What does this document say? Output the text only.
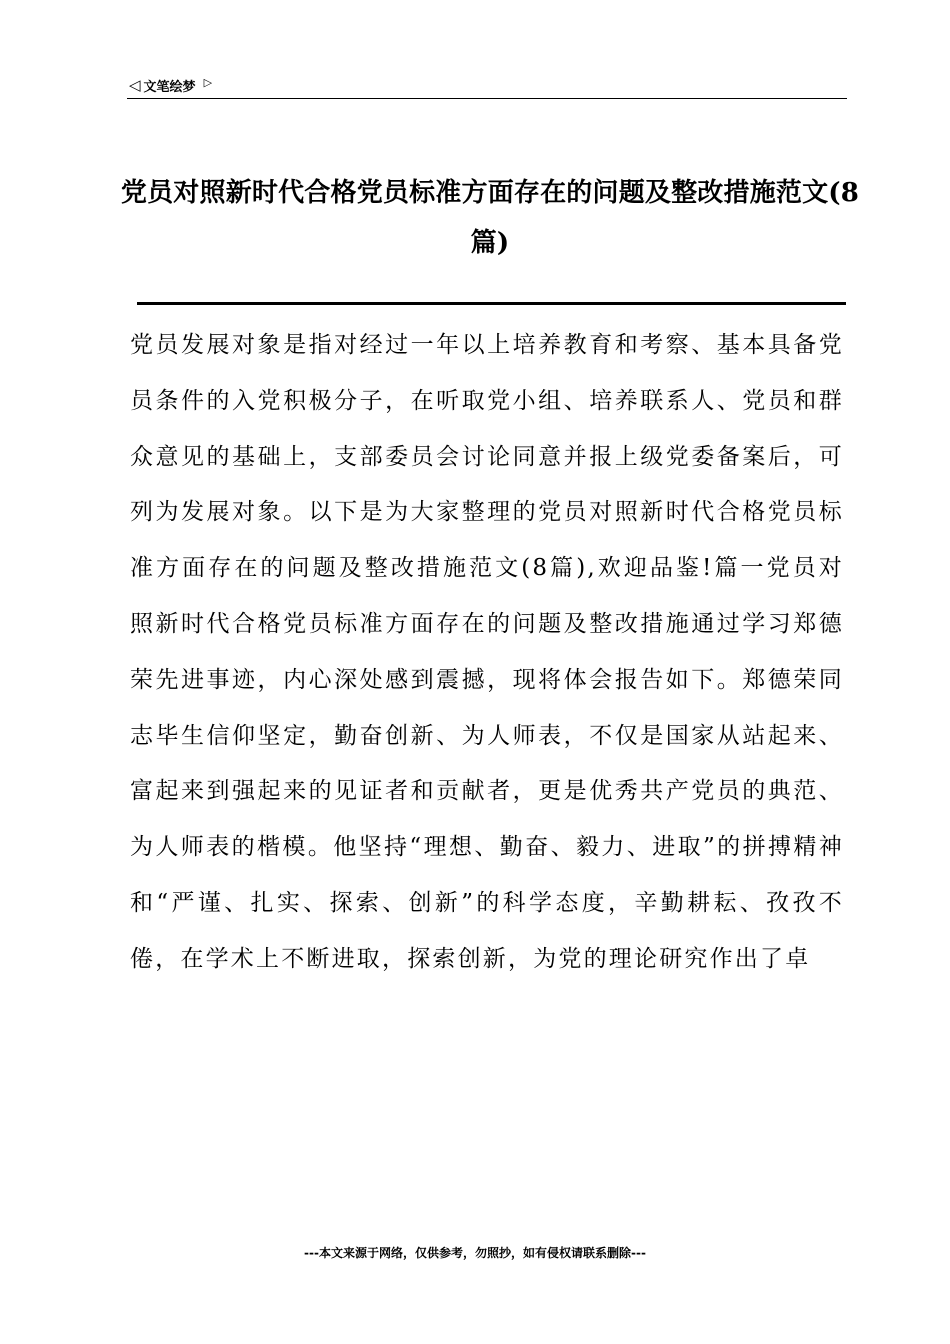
◁ 文笔绘梦 ▷
党员对照新时代合格党员标准方面存在的问题及整改措施范文(8篇)
党员发展对象是指对经过一年以上培养教育和考察、基本具备党员条件的入党积极分子，在听取党小组、培养联系人、党员和群众意见的基础上，支部委员会讨论同意并报上级党委备案后，可列为发展对象。以下是为大家整理的党员对照新时代合格党员标准方面存在的问题及整改措施范文(8篇),欢迎品鉴!篇一党员对照新时代合格党员标准方面存在的问题及整改措施通过学习郑德荣先进事迹，内心深处感到震撼，现将体会报告如下。郑德荣同志毕生信仰坚定，勤奋创新、为人师表，不仅是国家从站起来、富起来到强起来的见证者和贡献者，更是优秀共产党员的典范、为人师表的楷模。他坚持“理想、勤奋、毅力、进取”的拼搏精神和“严谨、扎实、探索、创新”的科学态度，辛勤耕耘、孜孜不倦，在学术上不断进取，探索创新，为党的理论研究作出了卓
---本文来源于网络，仅供参考，勿照抄，如有侵权请联系删除---
